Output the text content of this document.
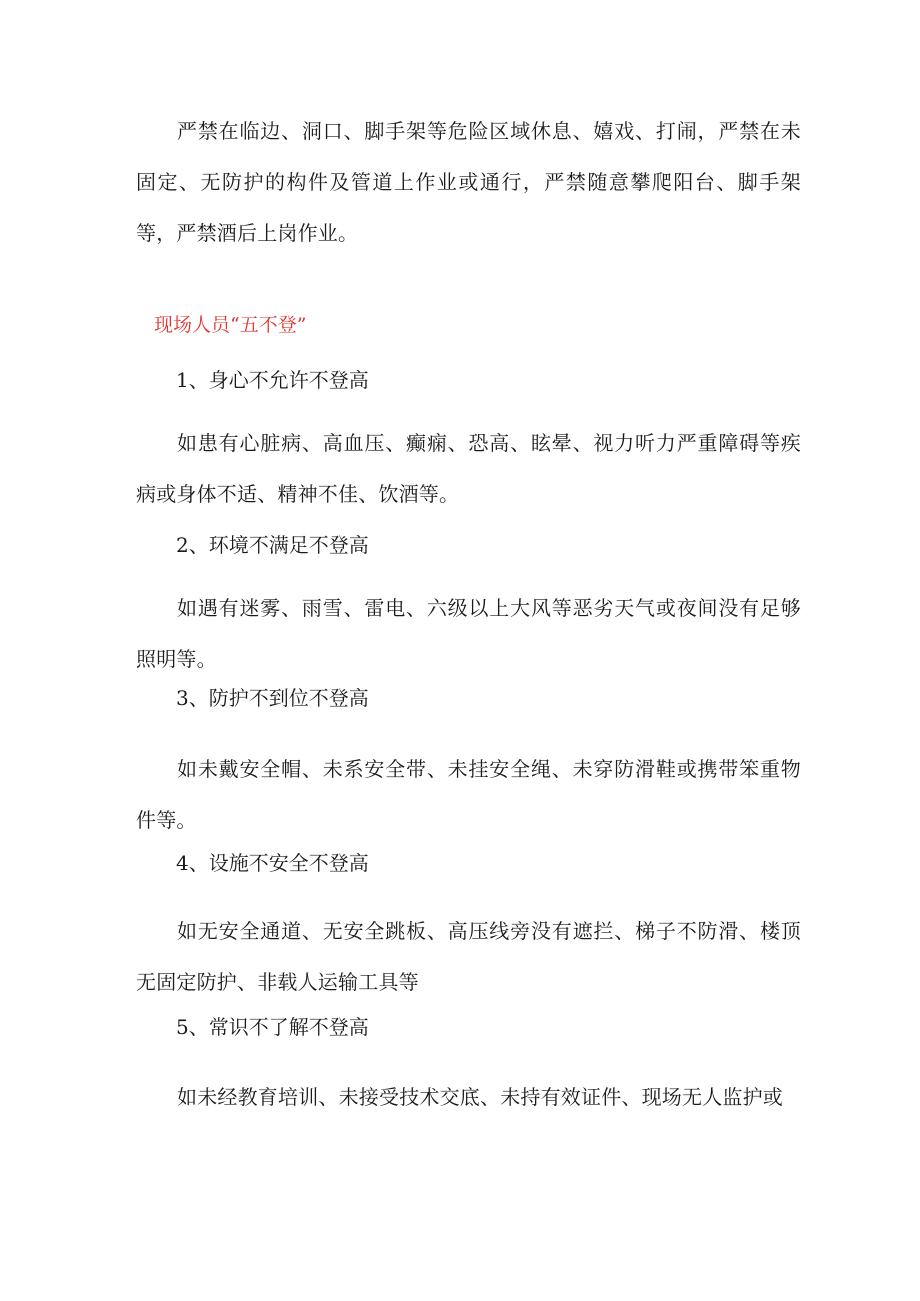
严禁在临边、洞口、脚手架等危险区域休息、嬉戏、打闹，严禁在未固定、无防护的构件及管道上作业或通行，严禁随意攀爬阳台、脚手架等，严禁酒后上岗作业。

现场人员“五不登”

1、身心不允许不登高

如患有心脏病、高血压、癫痫、恐高、眩晕、视力听力严重障碍等疾病或身体不适、精神不佳、饮酒等。

2、环境不满足不登高

如遇有迷雾、雨雪、雷电、六级以上大风等恶劣天气或夜间没有足够照明等。

3、防护不到位不登高

如未戴安全帽、未系安全带、未挂安全绳、未穿防滑鞋或携带笨重物件等。

4、设施不安全不登高

如无安全通道、无安全跳板、高压线旁没有遮拦、梯子不防滑、楼顶无固定防护、非载人运输工具等

5、常识不了解不登高

如未经教育培训、未接受技术交底、未持有效证件、现场无人监护或
